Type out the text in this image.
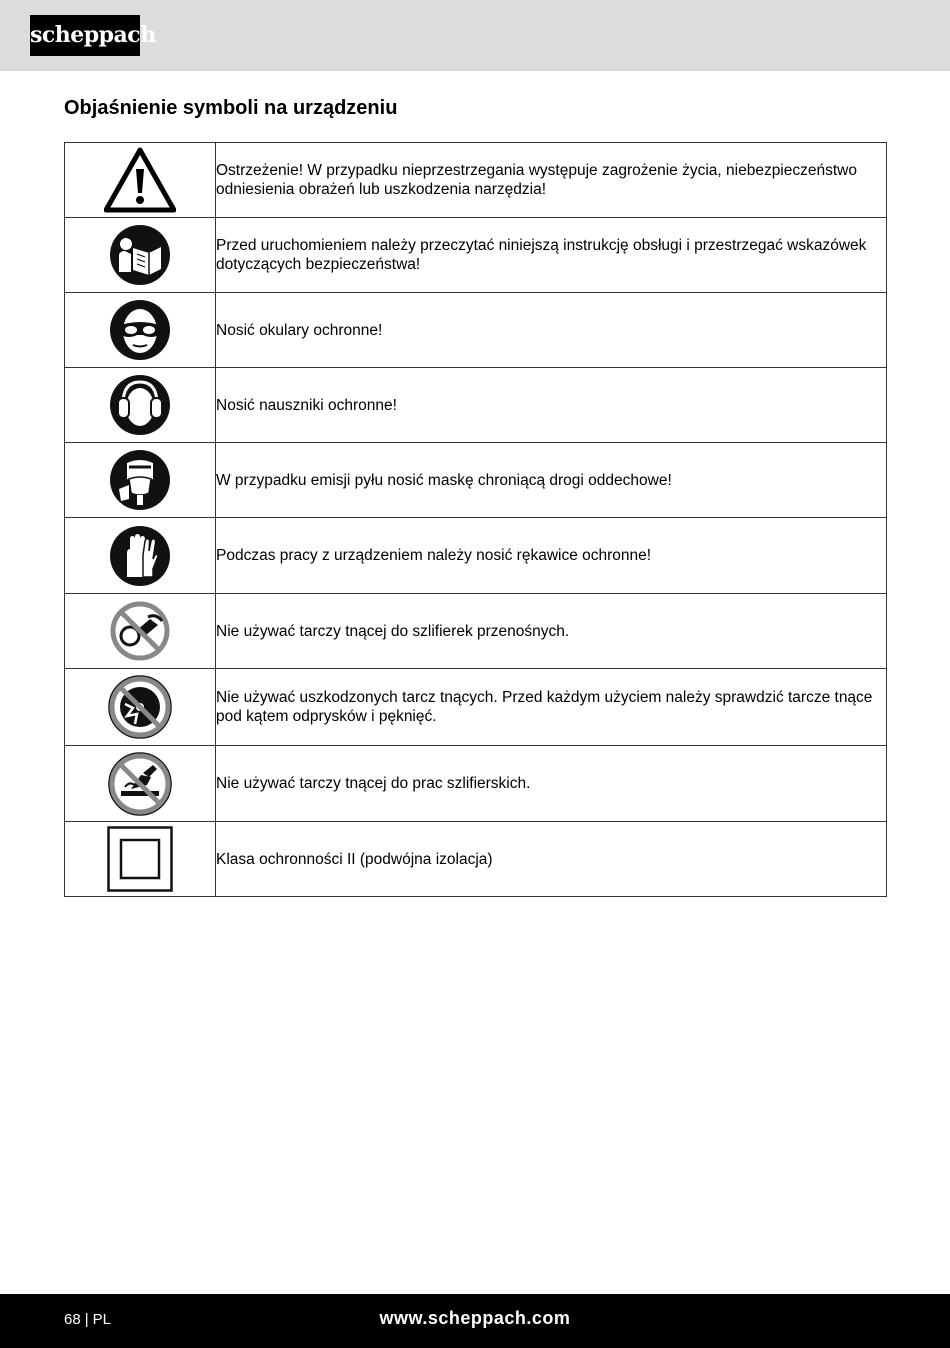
scheppach
Objaśnienie symboli na urządzeniu
	Ostrzeżenie! W przypadku nieprzestrzegania występuje zagrożenie życia, niebezpieczeństwo odniesienia obrażeń lub uszkodzenia narzędzia!

	Przed uruchomieniem należy przeczytać niniejszą instrukcję obsługi i przestrzegać wskazówek dotyczących bezpieczeństwa!

	Nosić okulary ochronne!

	Nosić nauszniki ochronne!

	W przypadku emisji pyłu nosić maskę chroniącą drogi oddechowe!

	Podczas pracy z urządzeniem należy nosić rękawice ochronne!

	Nie używać tarczy tnącej do szlifierek przenośnych.

	Nie używać uszkodzonych tarcz tnących. Przed każdym użyciem należy sprawdzić tarcze tnące pod kątem odprysków i pęknięć.

	Nie używać tarczy tnącej do prac szlifierskich.

	Klasa ochronności II (podwójna izolacja)
68 | PL	www.scheppach.com
